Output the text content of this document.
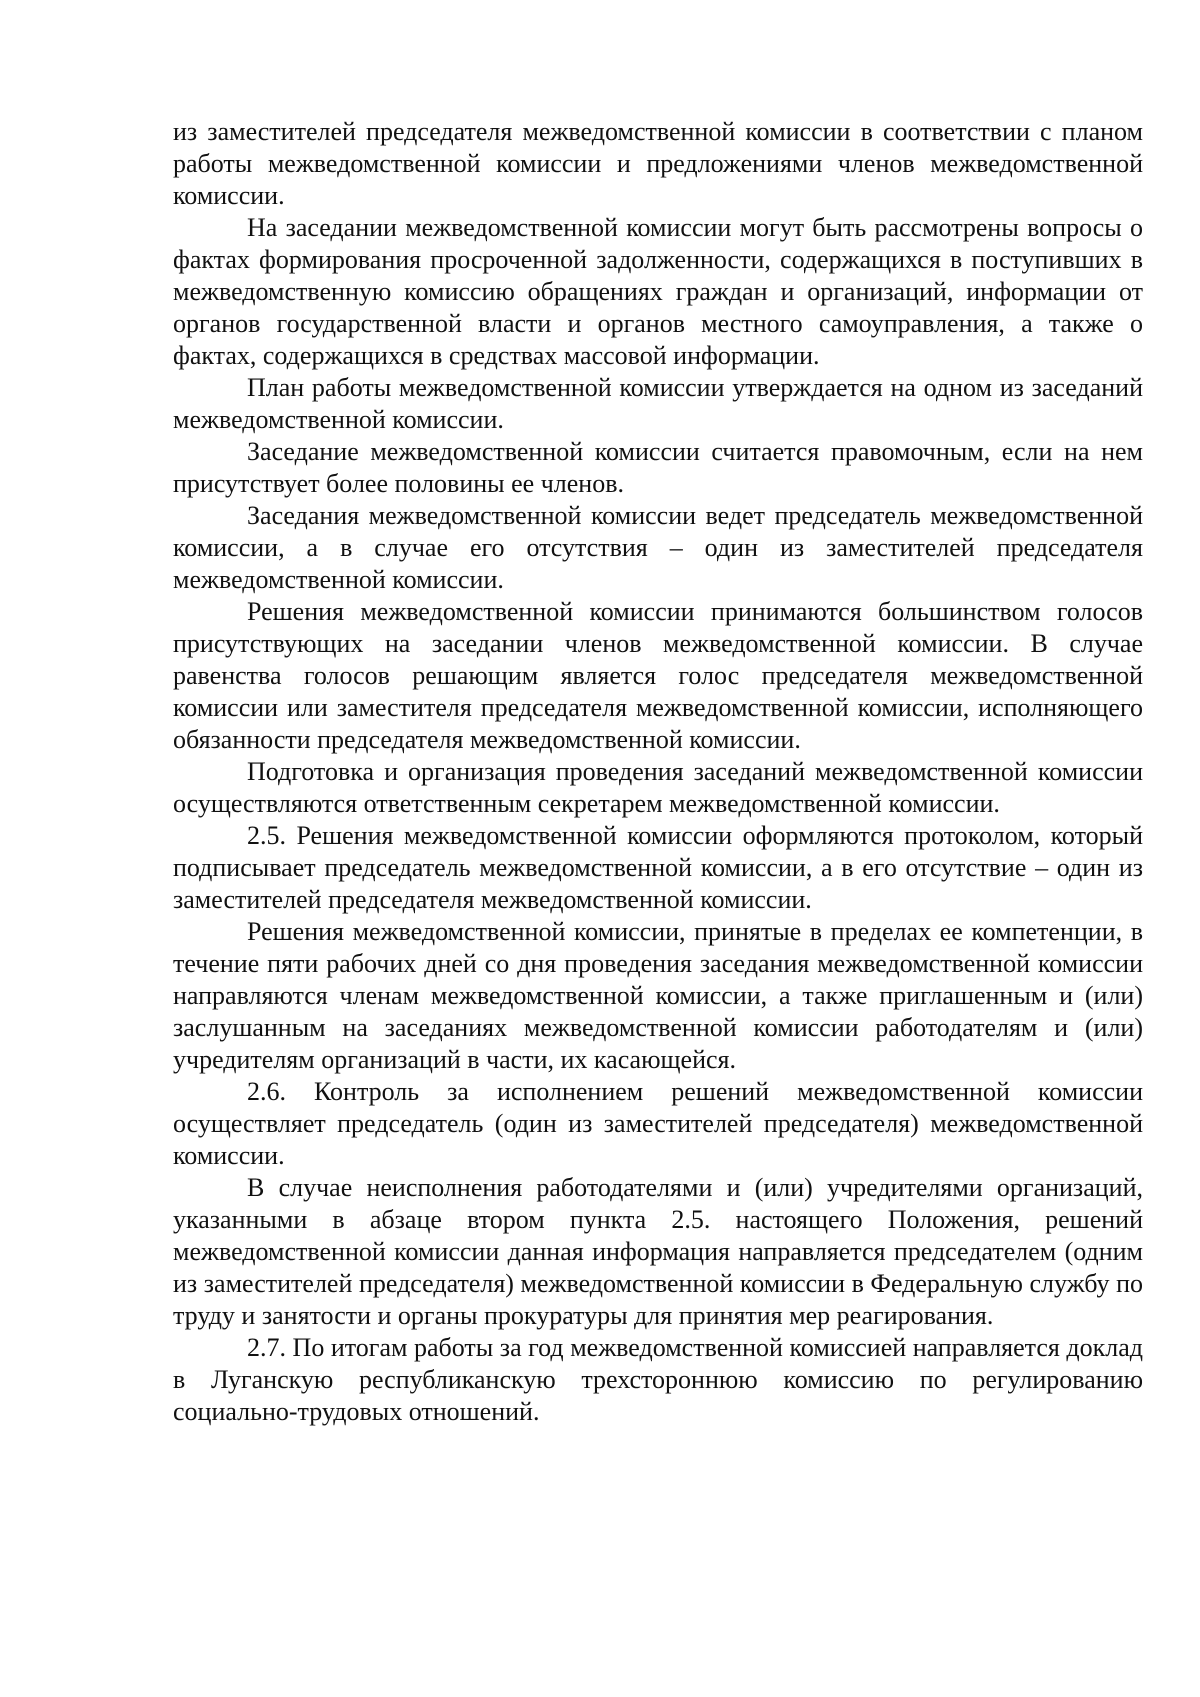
из заместителей председателя межведомственной комиссии в соответствии с планом работы межведомственной комиссии и предложениями членов межведомственной комиссии.

На заседании межведомственной комиссии могут быть рассмотрены вопросы о фактах формирования просроченной задолженности, содержащихся в поступивших в межведомственную комиссию обращениях граждан и организаций, информации от органов государственной власти и органов местного самоуправления, а также о фактах, содержащихся в средствах массовой информации.

План работы межведомственной комиссии утверждается на одном из заседаний межведомственной комиссии.

Заседание межведомственной комиссии считается правомочным, если на нем присутствует более половины ее членов.

Заседания межведомственной комиссии ведет председатель межведомственной комиссии, а в случае его отсутствия – один из заместителей председателя межведомственной комиссии.

Решения межведомственной комиссии принимаются большинством голосов присутствующих на заседании членов межведомственной комиссии. В случае равенства голосов решающим является голос председателя межведомственной комиссии или заместителя председателя межведомственной комиссии, исполняющего обязанности председателя межведомственной комиссии.

Подготовка и организация проведения заседаний межведомственной комиссии осуществляются ответственным секретарем межведомственной комиссии.

2.5. Решения межведомственной комиссии оформляются протоколом, который подписывает председатель межведомственной комиссии, а в его отсутствие – один из заместителей председателя межведомственной комиссии.

Решения межведомственной комиссии, принятые в пределах ее компетенции, в течение пяти рабочих дней со дня проведения заседания межведомственной комиссии направляются членам межведомственной комиссии, а также приглашенным и (или) заслушанным на заседаниях межведомственной комиссии работодателям и (или) учредителям организаций в части, их касающейся.

2.6. Контроль за исполнением решений межведомственной комиссии осуществляет председатель (один из заместителей председателя) межведомственной комиссии.

В случае неисполнения работодателями и (или) учредителями организаций, указанными в абзаце втором пункта 2.5. настоящего Положения, решений межведомственной комиссии данная информация направляется председателем (одним из заместителей председателя) межведомственной комиссии в Федеральную службу по труду и занятости и органы прокуратуры для принятия мер реагирования.

2.7. По итогам работы за год межведомственной комиссией направляется доклад в Луганскую республиканскую трехстороннюю комиссию по регулированию социально-трудовых отношений.
